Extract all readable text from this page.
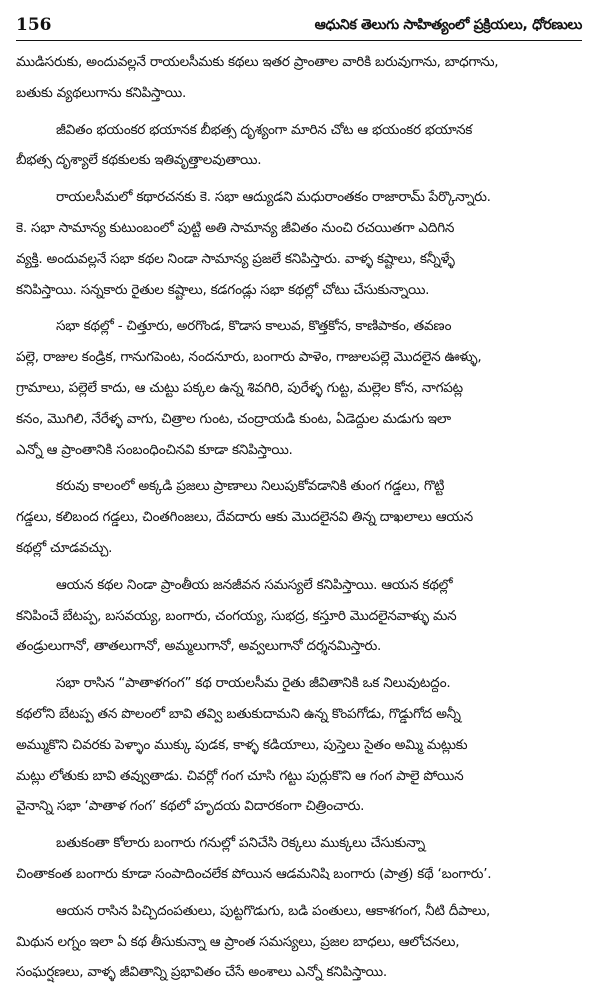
156	ఆధునిక తెలుగు సాహిత్యంలో ప్రక్రియలు, ధోరణులు
ముడిసరుకు, అందువల్లనే రాయలసీమకు కథలు ఇతర ప్రాంతాల వారికి బరువుగాను, బాధగాను,
బతుకు వ్యథలుగాను కనిపిస్తాయి.
జీవితం భయంకర భయానక బీభత్స దృశ్యంగా మారిన చోట ఆ భయంకర భయానక
బీభత్స దృశ్యాలే కథకులకు ఇతివృత్తాలవుతాయి.
రాయలసీమలో కథారచనకు కె. సభా ఆద్యుడని మధురాంతకం రాజారామ్ పేర్కొన్నారు.
కె. సభా సామాన్య కుటుంబంలో పుట్టి అతి సామాన్య జీవితం నుంచి రచయితగా ఎదిగిన
వ్యక్తి. అందువల్లనే సభా కథల నిండా సామాన్య ప్రజలే కనిపిస్తారు. వాళ్ళ కష్టాలు, కన్నీళ్ళే
కనిపిస్తాయి. సన్నకారు రైతుల కష్టాలు, కడగండ్లు సభా కథల్లో చోటు చేసుకున్నాయి.
సభా కథల్లో - చిత్తూరు, అరగొండ, కొడాస కాలువ, కొత్తకోన, కాణిపాకం, తవణం
పల్లె, రాజుల కండ్రిక, గానుగపెంట, నందనూరు, బంగారు పాళెం, గాజులపల్లె మొదలైన ఊళ్ళు,
గ్రామాలు, పల్లెలే కాదు, ఆ చుట్టు పక్కల ఉన్న శివగిరి, పురేళ్ళ గుట్ట, మల్లెల కోన, నాగపట్ల
కనం, మొగిలి, నేరేళ్ళ వాగు, చిత్రాల గుంట, చంద్రాయడి కుంట, ఏడెద్దుల మడుగు ఇలా
ఎన్నో ఆ ప్రాంతానికి సంబంధించినవి కూడా కనిపిస్తాయి.
కరువు కాలంలో అక్కడి ప్రజలు ప్రాణాలు నిలుపుకోవడానికి తుంగ గడ్డలు, గొట్టి
గడ్డలు, కలిబంద గడ్డలు, చింతగింజలు, దేవదారు ఆకు మొదలైనవి తిన్న దాఖలాలు ఆయన
కథల్లో చూడవచ్చు.
ఆయన కథల నిండా ప్రాంతీయ జనజీవన సమస్యలే కనిపిస్తాయి. ఆయన కథల్లో
కనిపించే బేటప్ప, బసవయ్య, బంగారు, చంగయ్య, సుభద్ర, కస్తూరి మొదలైనవాళ్ళు మన
తండ్రులుగానో, తాతలుగానో, అమ్మలుగానో, అవ్వలుగానో దర్శనమిస్తారు.
సభా రాసిన “పాతాళగంగ” కథ రాయలసీమ రైతు జీవితానికి ఒక నిలువుటద్దం.
కథలోని బేటప్ప తన పొలంలో బావి తవ్వి బతుకుదామని ఉన్న కొంపగోడు, గొడ్డుగోద అన్నీ
అమ్ముకొని చివరకు పెళ్ళాం ముక్కు పుడక, కాళ్ళ కడియాలు, పుస్తెలు సైతం అమ్మి మట్లుకు
మట్లు లోతుకు బావి తవ్వుతాడు. చివర్లో గంగ చూసి గట్టు పుర్లుకొని ఆ గంగ పాలై పోయిన
వైనాన్ని సభా ‘పాతాళ గంగ’ కథలో హృదయ విదారకంగా చిత్రించారు.
బతుకంతా కోలారు బంగారు గనుల్లో పనిచేసి రెక్కలు ముక్కలు చేసుకున్నా
చింతాకంత బంగారు కూడా సంపాదించలేక పోయిన ఆడమనిషి బంగారు (పాత్ర) కథే ‘బంగారు’.
ఆయన రాసిన పిచ్చిదంపతులు, పుట్టగొడుగు, బడి పంతులు, ఆకాశగంగ, నీటి దీపాలు,
మిథున లగ్నం ఇలా ఏ కథ తీసుకున్నా ఆ ప్రాంత సమస్యలు, ప్రజల బాధలు, ఆలోచనలు,
సంఘర్షణలు, వాళ్ళ జీవితాన్ని ప్రభావితం చేసే అంశాలు ఎన్నో కనిపిస్తాయి.
